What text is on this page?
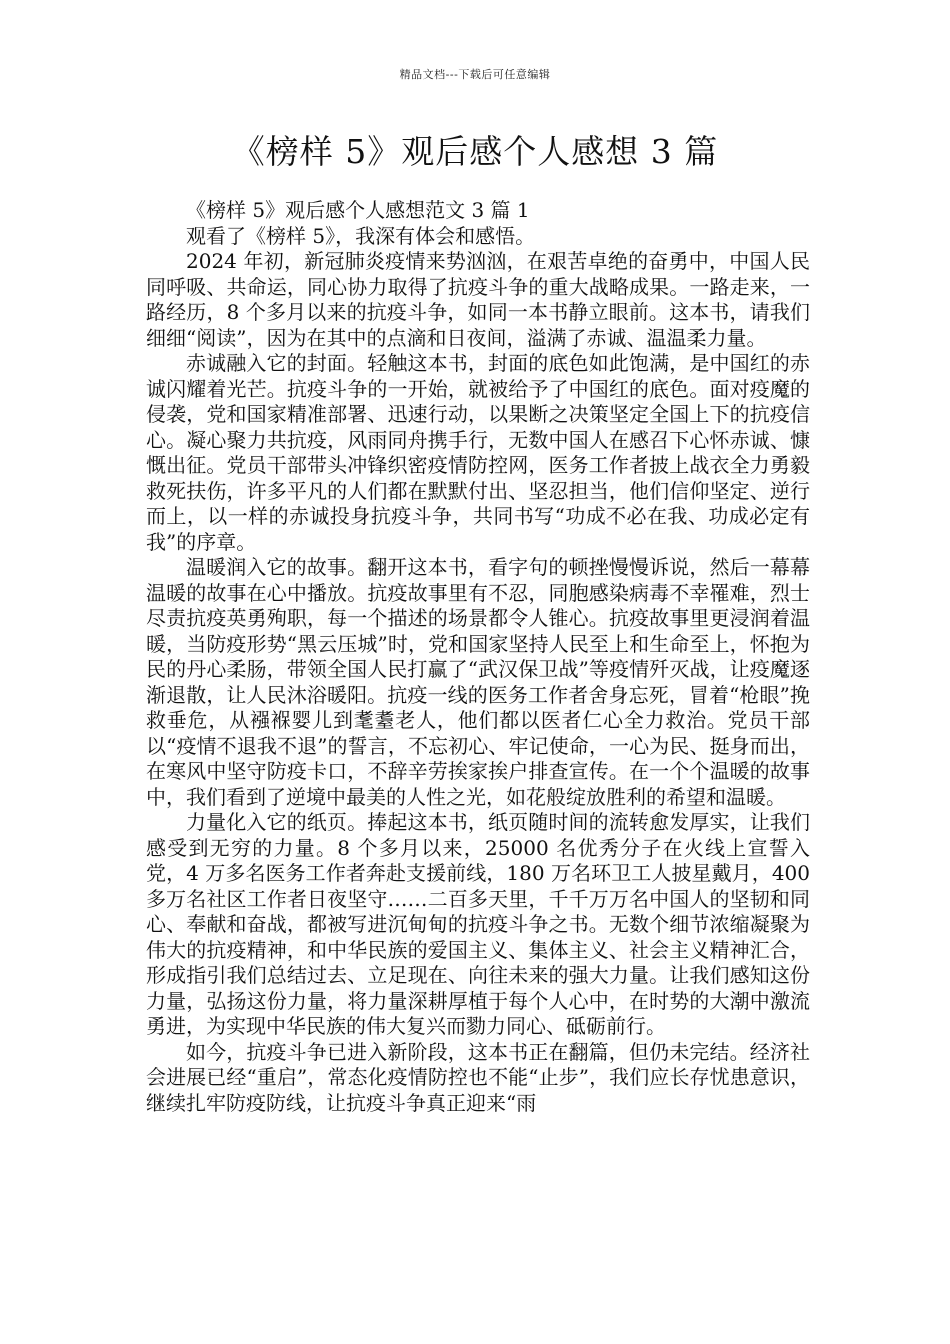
精品文档---下载后可任意编辑
《榜样 5》观后感个人感想 3 篇

《榜样 5》观后感个人感想范文 3 篇 1

观看了《榜样 5》，我深有体会和感悟。

2024 年初，新冠肺炎疫情来势汹汹，在艰苦卓绝的奋勇中，中国人民同呼吸、共命运，同心协力取得了抗疫斗争的重大战略成果。一路走来，一路经历，8 个多月以来的抗疫斗争，如同一本书静立眼前。这本书，请我们细细“阅读”，因为在其中的点滴和日夜间，溢满了赤诚、温温柔力量。

赤诚融入它的封面。轻触这本书，封面的底色如此饱满，是中国红的赤诚闪耀着光芒。抗疫斗争的一开始，就被给予了中国红的底色。面对疫魔的侵袭，党和国家精准部署、迅速行动，以果断之决策坚定全国上下的抗疫信心。凝心聚力共抗疫，风雨同舟携手行，无数中国人在感召下心怀赤诚、慷慨出征。党员干部带头冲锋织密疫情防控网，医务工作者披上战衣全力勇毅救死扶伤，许多平凡的人们都在默默付出、坚忍担当，他们信仰坚定、逆行而上，以一样的赤诚投身抗疫斗争，共同书写“功成不必在我、功成必定有我”的序章。

温暖润入它的故事。翻开这本书，看字句的顿挫慢慢诉说，然后一幕幕温暖的故事在心中播放。抗疫故事里有不忍，同胞感染病毒不幸罹难，烈士尽责抗疫英勇殉职，每一个描述的场景都令人锥心。抗疫故事里更浸润着温暖，当防疫形势“黑云压城”时，党和国家坚持人民至上和生命至上，怀抱为民的丹心柔肠，带领全国人民打赢了“武汉保卫战”等疫情歼灭战，让疫魔逐渐退散，让人民沐浴暖阳。抗疫一线的医务工作者舍身忘死，冒着“枪眼”挽救垂危，从襁褓婴儿到耄耋老人，他们都以医者仁心全力救治。党员干部以“疫情不退我不退”的誓言，不忘初心、牢记使命，一心为民、挺身而出，在寒风中坚守防疫卡口，不辞辛劳挨家挨户排查宣传。在一个个温暖的故事中，我们看到了逆境中最美的人性之光，如花般绽放胜利的希望和温暖。

力量化入它的纸页。捧起这本书，纸页随时间的流转愈发厚实，让我们感受到无穷的力量。8 个多月以来，25000 名优秀分子在火线上宣誓入党，4 万多名医务工作者奔赴支援前线，180 万名环卫工人披星戴月，400 多万名社区工作者日夜坚守……二百多天里，千千万万名中国人的坚韧和同心、奉献和奋战，都被写进沉甸甸的抗疫斗争之书。无数个细节浓缩凝聚为伟大的抗疫精神，和中华民族的爱国主义、集体主义、社会主义精神汇合，形成指引我们总结过去、立足现在、向往未来的强大力量。让我们感知这份力量，弘扬这份力量，将力量深耕厚植于每个人心中，在时势的大潮中激流勇进，为实现中华民族的伟大复兴而勠力同心、砥砺前行。

如今，抗疫斗争已进入新阶段，这本书正在翻篇，但仍未完结。经济社会进展已经“重启”，常态化疫情防控也不能“止步”，我们应长存忧患意识，继续扎牢防疫防线，让抗疫斗争真正迎来“雨
